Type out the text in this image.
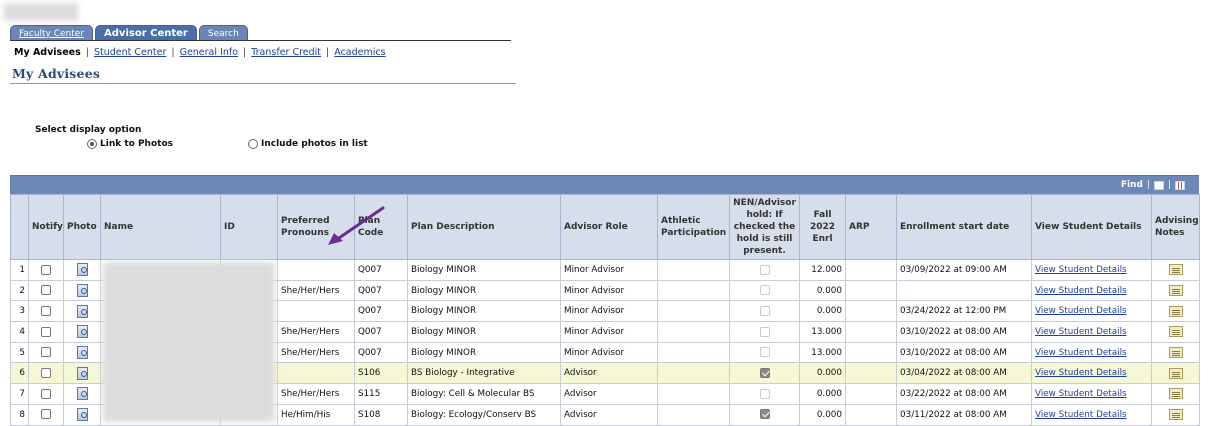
Faculty Center	Advisor Center	Search
My Advisees | Student Center | General Info | Transfer Credit | Academics
My Advisees
Select display option
Link to Photos	Include photos in list
Find | |
	Notify	Photo	Name	ID	Preferred Pronouns	Plan Code	Plan Description	Advisor Role	Athletic Participation	NEN/Advisor hold: If checked the hold is still present.	Fall 2022 Enrl	ARP	Enrollment start date	View Student Details	Advising Notes
1						Q007	Biology MINOR	Minor Advisor			12.000		03/09/2022 at 09:00 AM	View Student Details	
2					She/Her/Hers	Q007	Biology MINOR	Minor Advisor			0.000			View Student Details	
3						Q007	Biology MINOR	Minor Advisor			0.000		03/24/2022 at 12:00 PM	View Student Details	
4					She/Her/Hers	Q007	Biology MINOR	Minor Advisor			13.000		03/10/2022 at 08:00 AM	View Student Details	
5					She/Her/Hers	Q007	Biology MINOR	Minor Advisor			13.000		03/10/2022 at 08:00 AM	View Student Details	
6						S106	BS Biology - Integrative	Advisor			0.000		03/04/2022 at 08:00 AM	View Student Details	
7					She/Her/Hers	S115	Biology: Cell & Molecular BS	Advisor			0.000		03/22/2022 at 08:00 AM	View Student Details	
8					He/Him/His	S108	Biology: Ecology/Conserv BS	Advisor			0.000		03/11/2022 at 08:00 AM	View Student Details	
